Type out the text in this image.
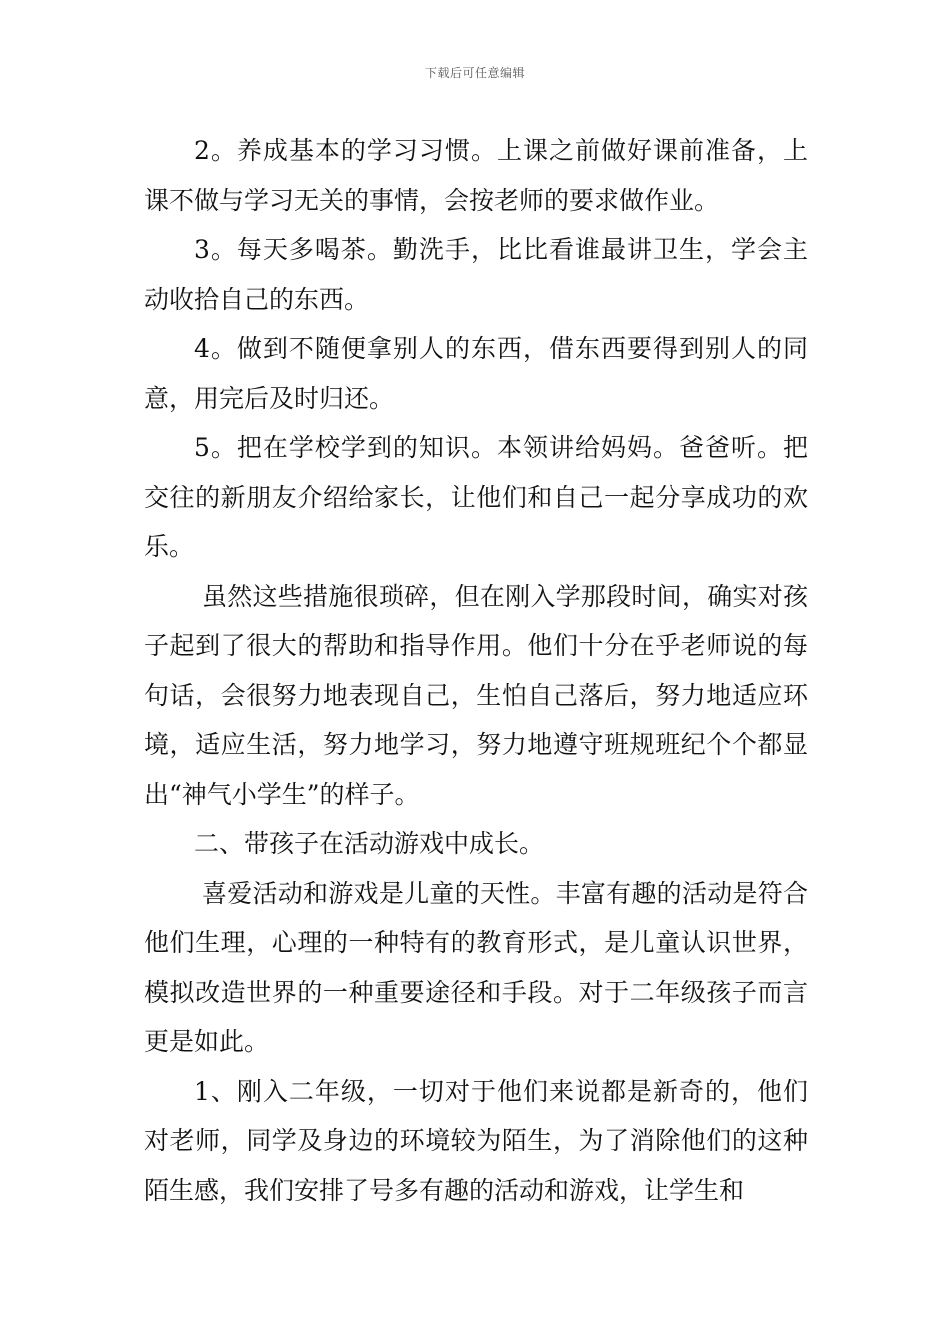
下载后可任意编辑

2。养成基本的学习习惯。上课之前做好课前准备，上课不做与学习无关的事情，会按老师的要求做作业。

3。每天多喝茶。勤洗手，比比看谁最讲卫生，学会主动收拾自己的东西。

4。做到不随便拿别人的东西，借东西要得到别人的同意，用完后及时归还。

5。把在学校学到的知识。本领讲给妈妈。爸爸听。把交往的新朋友介绍给家长，让他们和自己一起分享成功的欢乐。

虽然这些措施很琐碎，但在刚入学那段时间，确实对孩子起到了很大的帮助和指导作用。他们十分在乎老师说的每句话，会很努力地表现自己，生怕自己落后，努力地适应环境，适应生活，努力地学习，努力地遵守班规班纪个个都显出“神气小学生”的样子。

二、带孩子在活动游戏中成长。

喜爱活动和游戏是儿童的天性。丰富有趣的活动是符合他们生理，心理的一种特有的教育形式，是儿童认识世界，模拟改造世界的一种重要途径和手段。对于二年级孩子而言更是如此。

1、刚入二年级，一切对于他们来说都是新奇的，他们对老师，同学及身边的环境较为陌生，为了消除他们的这种陌生感，我们安排了号多有趣的活动和游戏，让学生和
